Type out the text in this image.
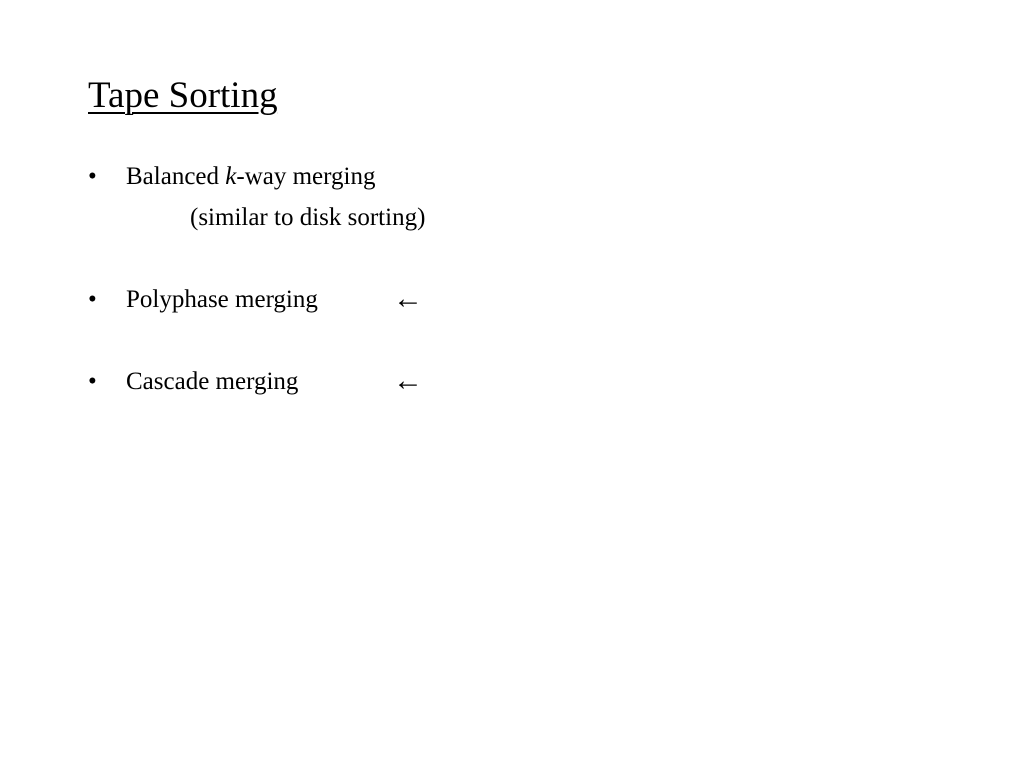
Tape Sorting
• Balanced k-way merging
(similar to disk sorting)
• Polyphase merging	←
• Cascade merging	←
